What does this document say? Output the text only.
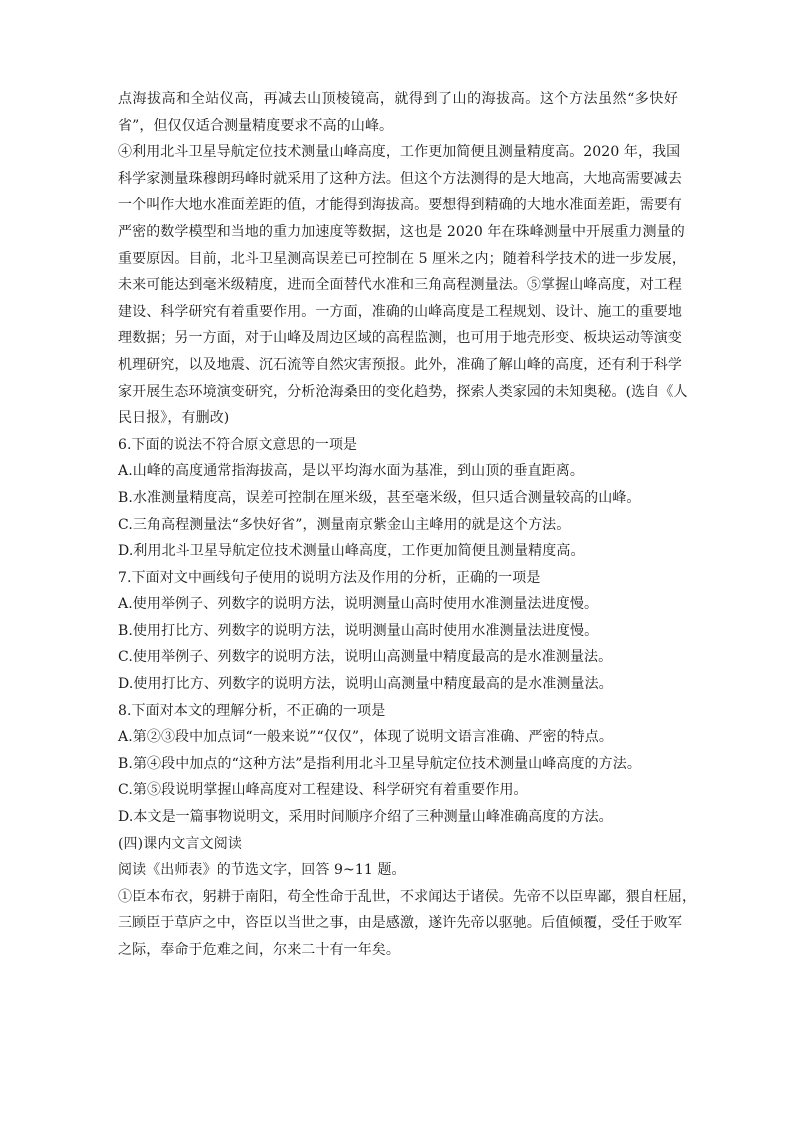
点海拔高和全站仪高，再减去山顶棱镜高，就得到了山的海拔高。这个方法虽然“多快好

省”，但仅仅适合测量精度要求不高的山峰。

④利用北斗卫星导航定位技术测量山峰高度，工作更加简便且测量精度高。2020 年，我国

科学家测量珠穆朗玛峰时就采用了这种方法。但这个方法测得的是大地高，大地高需要减去

一个叫作大地水准面差距的值，才能得到海拔高。要想得到精确的大地水准面差距，需要有

严密的数学模型和当地的重力加速度等数据，这也是 2020 年在珠峰测量中开展重力测量的

重要原因。目前，北斗卫星测高误差已可控制在 5 厘米之内；随着科学技术的进一步发展，

未来可能达到毫米级精度，进而全面替代水准和三角高程测量法。⑤掌握山峰高度，对工程

建设、科学研究有着重要作用。一方面，准确的山峰高度是工程规划、设计、施工的重要地

理数据；另一方面，对于山峰及周边区域的高程监测，也可用于地壳形变、板块运动等演变

机理研究，以及地震、沉石流等自然灾害预报。此外，准确了解山峰的高度，还有利于科学

家开展生态环境演变研究，分析沧海桑田的变化趋势，探索人类家园的未知奥秘。(选自《人

民日报》，有删改)

6.下面的说法不符合原文意思的一项是

A.山峰的高度通常指海拔高，是以平均海水面为基准，到山顶的垂直距离。

B.水准测量精度高，误差可控制在厘米级，甚至毫米级，但只适合测量较高的山峰。

C.三角高程测量法“多快好省”，测量南京紫金山主峰用的就是这个方法。

D.利用北斗卫星导航定位技术测量山峰高度，工作更加简便且测量精度高。

7.下面对文中画线句子使用的说明方法及作用的分析，正确的一项是

A.使用举例子、列数字的说明方法，说明测量山高时使用水准测量法进度慢。

B.使用打比方、列数字的说明方法，说明测量山高时使用水准测量法进度慢。

C.使用举例子、列数字的说明方法，说明山高测量中精度最高的是水准测量法。

D.使用打比方、列数字的说明方法，说明山高测量中精度最高的是水准测量法。

8.下面对本文的理解分析，不正确的一项是

A.第②③段中加点词“一般来说”“仅仅”，体现了说明文语言准确、严密的特点。

B.第④段中加点的“这种方法”是指利用北斗卫星导航定位技术测量山峰高度的方法。

C.第⑤段说明掌握山峰高度对工程建设、科学研究有着重要作用。

D.本文是一篇事物说明文，采用时间顺序介绍了三种测量山峰准确高度的方法。

(四)课内文言文阅读

阅读《出师表》的节选文字，回答 9~11 题。

①臣本布衣，躬耕于南阳，苟全性命于乱世，不求闻达于诸侯。先帝不以臣卑鄙，猥自枉屈，

三顾臣于草庐之中，咨臣以当世之事，由是感激，遂许先帝以驱驰。后值倾覆，受任于败军

之际，奉命于危难之间，尔来二十有一年矣。
